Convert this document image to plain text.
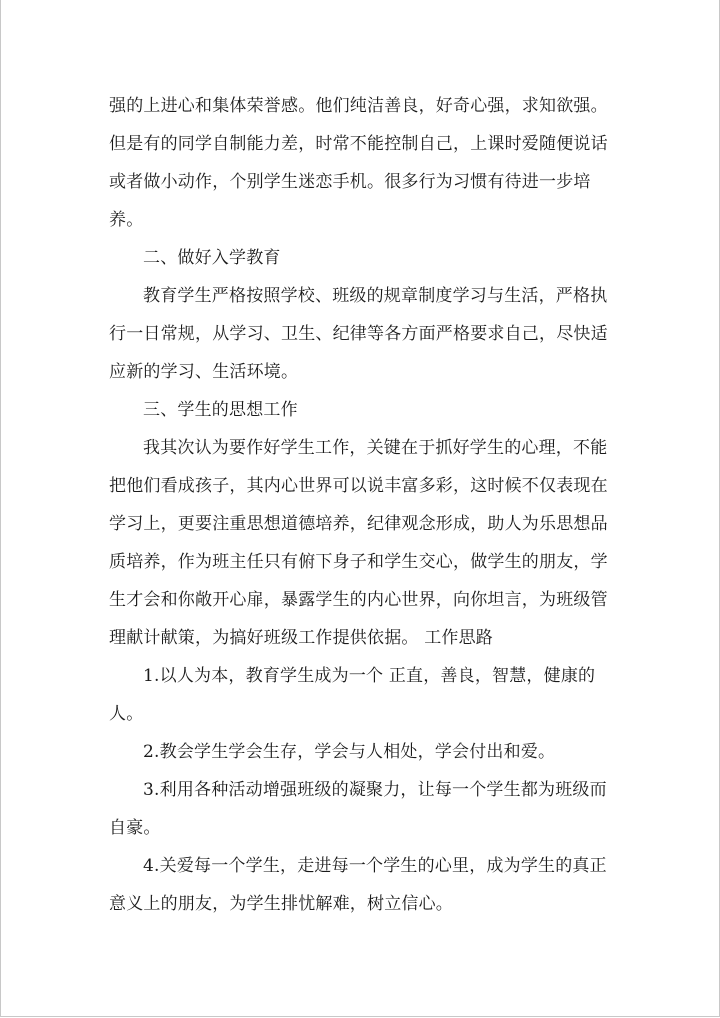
强的上进心和集体荣誉感。他们纯洁善良，好奇心强，求知欲强。
但是有的同学自制能力差，时常不能控制自己，上课时爱随便说话
或者做小动作，个别学生迷恋手机。很多行为习惯有待进一步培
养。
二、做好入学教育
教育学生严格按照学校、班级的规章制度学习与生活，严格执
行一日常规，从学习、卫生、纪律等各方面严格要求自己，尽快适
应新的学习、生活环境。
三、学生的思想工作
我其次认为要作好学生工作，关键在于抓好学生的心理，不能
把他们看成孩子，其内心世界可以说丰富多彩，这时候不仅表现在
学习上，更要注重思想道德培养，纪律观念形成，助人为乐思想品
质培养，作为班主任只有俯下身子和学生交心，做学生的朋友，学
生才会和你敞开心扉，暴露学生的内心世界，向你坦言，为班级管
理献计献策，为搞好班级工作提供依据。 工作思路
1.以人为本，教育学生成为一个 正直，善良，智慧，健康的
人。
2.教会学生学会生存，学会与人相处，学会付出和爱。
3.利用各种活动增强班级的凝聚力，让每一个学生都为班级而
自豪。
4.关爱每一个学生，走进每一个学生的心里，成为学生的真正
意义上的朋友，为学生排忧解难，树立信心。
